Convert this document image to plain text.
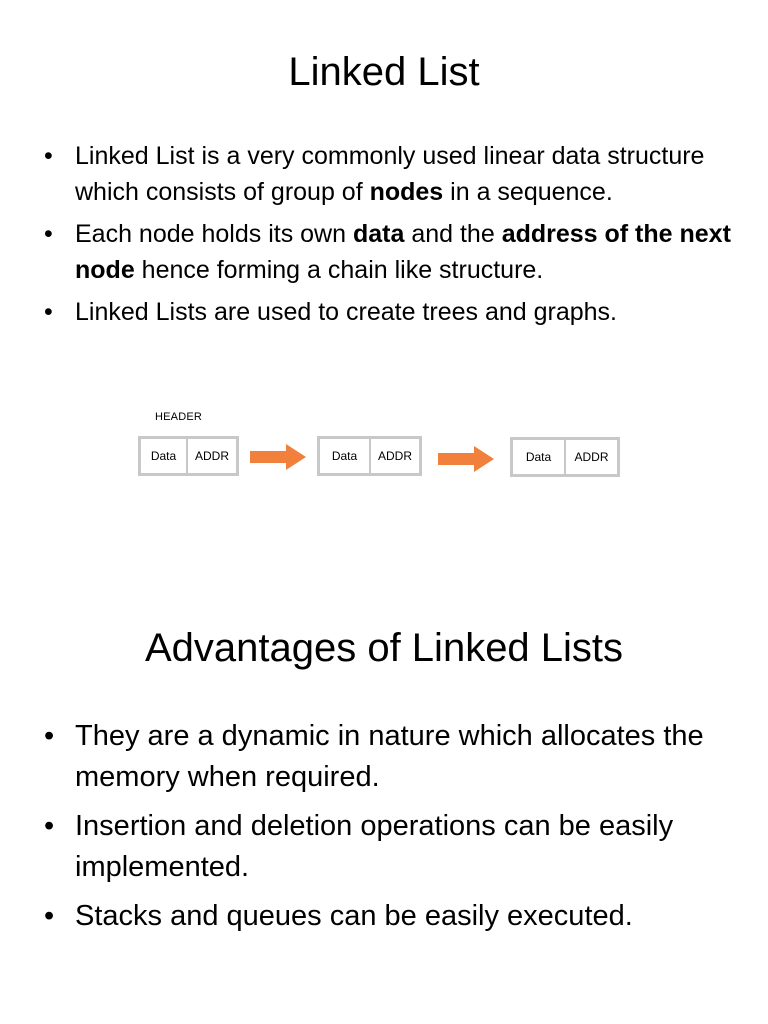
Linked List
• Linked List is a very commonly used linear data structure which consists of group of nodes in a sequence.
• Each node holds its own data and the address of the next node hence forming a chain like structure.
• Linked Lists are used to create trees and graphs.
HEADER
Data	ADDR	Data	ADDR	Data	ADDR
Advantages of Linked Lists
• They are a dynamic in nature which allocates the memory when required.
• Insertion and deletion operations can be easily implemented.
• Stacks and queues can be easily executed.
